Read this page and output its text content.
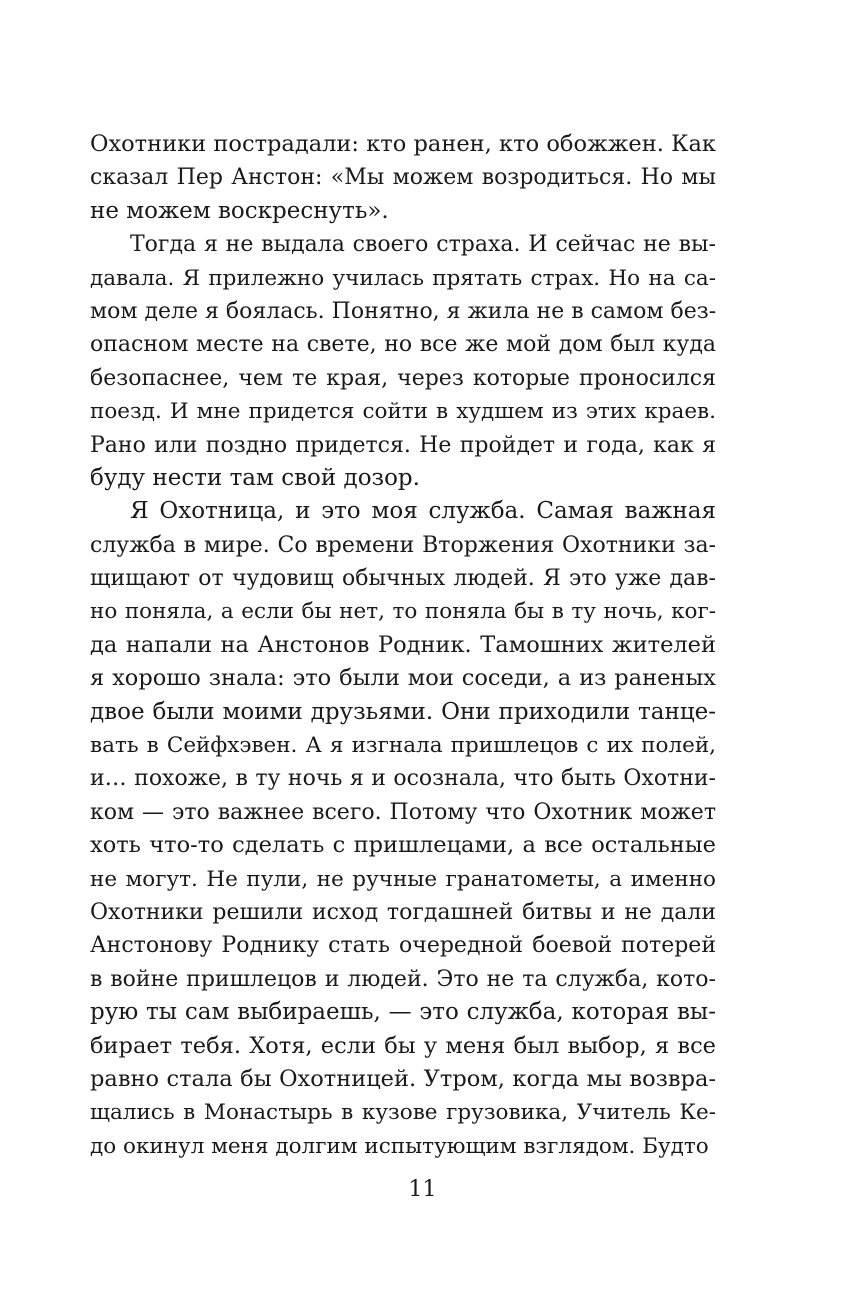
Охотники пострадали: кто ранен, кто обожжен. Как
сказал Пер Анстон: «Мы можем возродиться. Но мы
не можем воскреснуть».
Тогда я не выдала своего страха. И сейчас не вы-
давала. Я прилежно училась прятать страх. Но на са-
мом деле я боялась. Понятно, я жила не в самом без-
опасном месте на свете, но все же мой дом был куда
безопаснее, чем те края, через которые проносился
поезд. И мне придется сойти в худшем из этих краев.
Рано или поздно придется. Не пройдет и года, как я
буду нести там свой дозор.
Я Охотница, и это моя служба. Самая важная
служба в мире. Со времени Вторжения Охотники за-
щищают от чудовищ обычных людей. Я это уже дав-
но поняла, а если бы нет, то поняла бы в ту ночь, ког-
да напали на Анстонов Родник. Тамошних жителей
я хорошо знала: это были мои соседи, а из раненых
двое были моими друзьями. Они приходили танце-
вать в Сейфхэвен. А я изгнала пришлецов с их полей,
и… похоже, в ту ночь я и осознала, что быть Охотни-
ком — это важнее всего. Потому что Охотник может
хоть что-то сделать с пришлецами, а все остальные
не могут. Не пули, не ручные гранатометы, а именно
Охотники решили исход тогдашней битвы и не дали
Анстонову Роднику стать очередной боевой потерей
в войне пришлецов и людей. Это не та служба, кото-
рую ты сам выбираешь, — это служба, которая вы-
бирает тебя. Хотя, если бы у меня был выбор, я все
равно стала бы Охотницей. Утром, когда мы возвра-
щались в Монастырь в кузове грузовика, Учитель Ке-
до окинул меня долгим испытующим взглядом. Будто
11
